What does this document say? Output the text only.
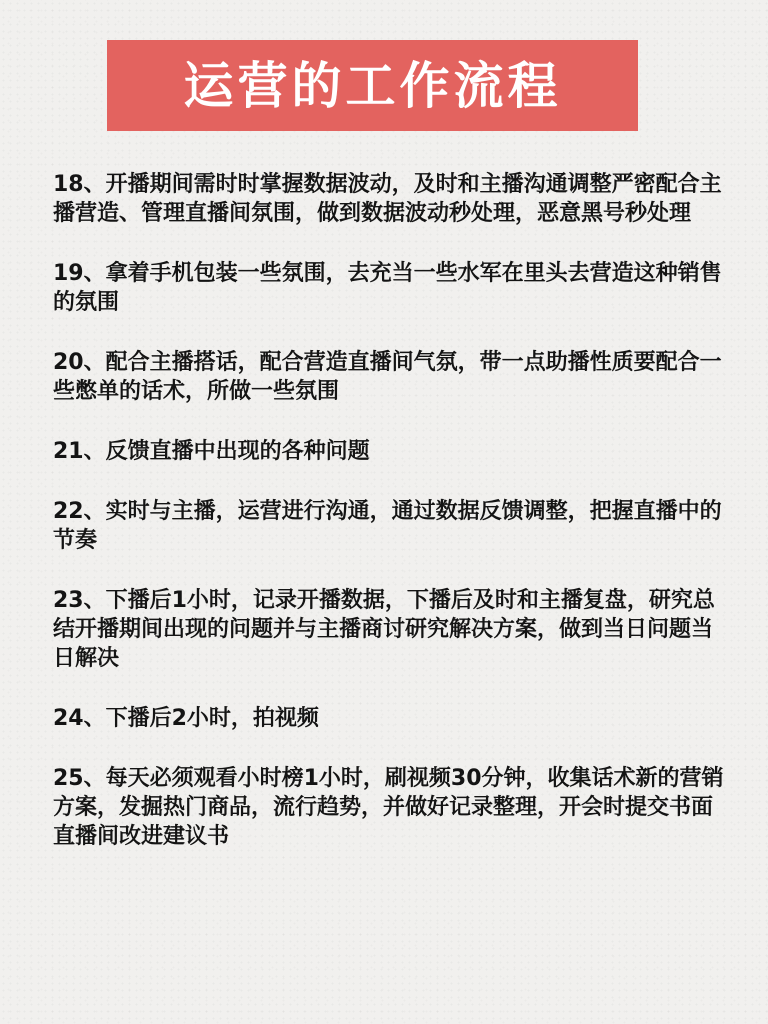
运营的工作流程
18、开播期间需时时掌握数据波动，及时和主播沟通调整严密配合主播营造、管理直播间氛围，做到数据波动秒处理，恶意黑号秒处理
19、拿着手机包装一些氛围，去充当一些水军在里头去营造这种销售的氛围
20、配合主播搭话，配合营造直播间气氛，带一点助播性质要配合一些憋单的话术，所做一些氛围
21、反馈直播中出现的各种问题
22、实时与主播，运营进行沟通，通过数据反馈调整，把握直播中的节奏
23、下播后1小时，记录开播数据，下播后及时和主播复盘，研究总结开播期间出现的问题并与主播商讨研究解决方案，做到当日问题当日解决
24、下播后2小时，拍视频
25、每天必须观看小时榜1小时，刷视频30分钟，收集话术新的营销方案，发掘热门商品，流行趋势，并做好记录整理，开会时提交书面直播间改进建议书
